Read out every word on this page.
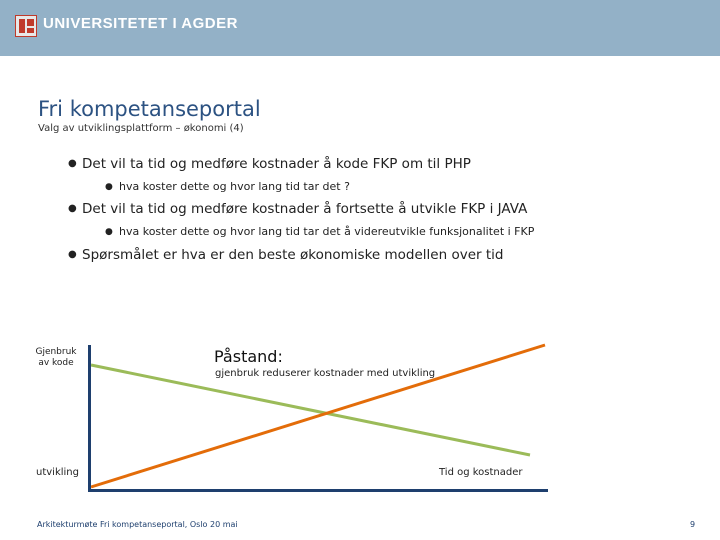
UNIVERSITETET I AGDER
Fri kompetanseportal
Valg av utviklingsplattform – økonomi (4)
● Det vil ta tid og medføre kostnader å kode FKP om til PHP
● hva koster dette og hvor lang tid tar det ?
● Det vil ta tid og medføre kostnader å fortsette å utvikle FKP i JAVA
● hva koster dette og hvor lang tid tar det å videreutvikle funksjonalitet i FKP
● Spørsmålet er hva er den beste økonomiske modellen over tid
Gjenbruk av kode
utvikling	Tid og kostnader
Påstand:
gjenbruk reduserer kostnader med utvikling
Arkitekturmøte Fri kompetanseportal, Oslo 20 mai	9
